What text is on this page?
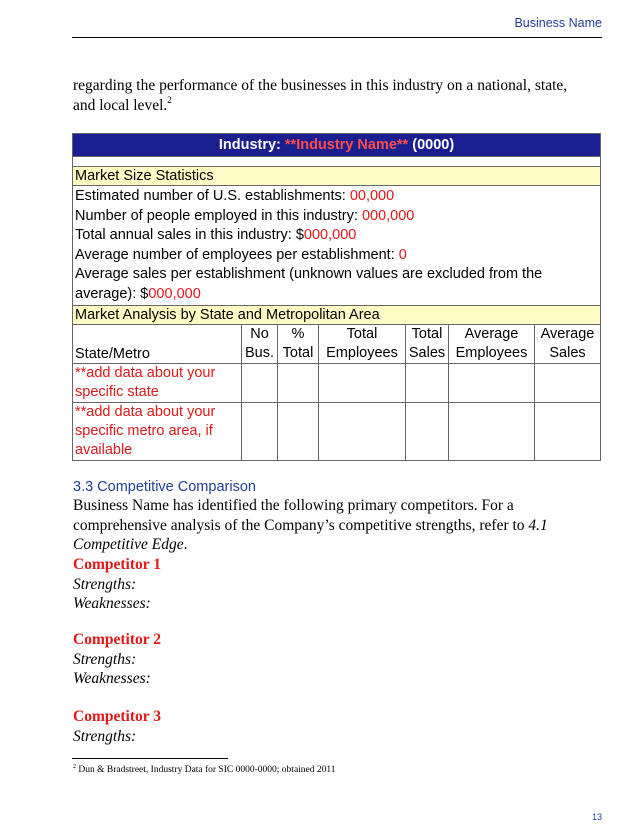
Business Name
regarding the performance of the businesses in this industry on a national, state, and local level.$^2$
Industry: **Industry Name** (0000)						

Market Size Statistics						

Estimated number of U.S. establishments: 00,000
Number of people employed in this industry: 000,000
Total annual sales in this industry: $000,000
Average number of employees per establishment: 0
Average sales per establishment (unknown values are excluded from the average): $000,000						

Market Analysis by State and Metropolitan Area						
State/Metro	No Bus.	% Total	Total Employees	Total Sales	Average Employees	Average Sales
**add data about your specific state						
**add data about your specific metro area, if available						
3.3 Competitive Comparison
Business Name has identified the following primary competitors. For a comprehensive analysis of the Company’s competitive strengths, refer to 4.1 Competitive Edge.
Competitor 1
Strengths:
Weaknesses:
Competitor 2
Strengths:
Weaknesses:
Competitor 3
Strengths:
$^2$ Dun & Bradstreet, Industry Data for SIC 0000-0000; obtained 2011
13
